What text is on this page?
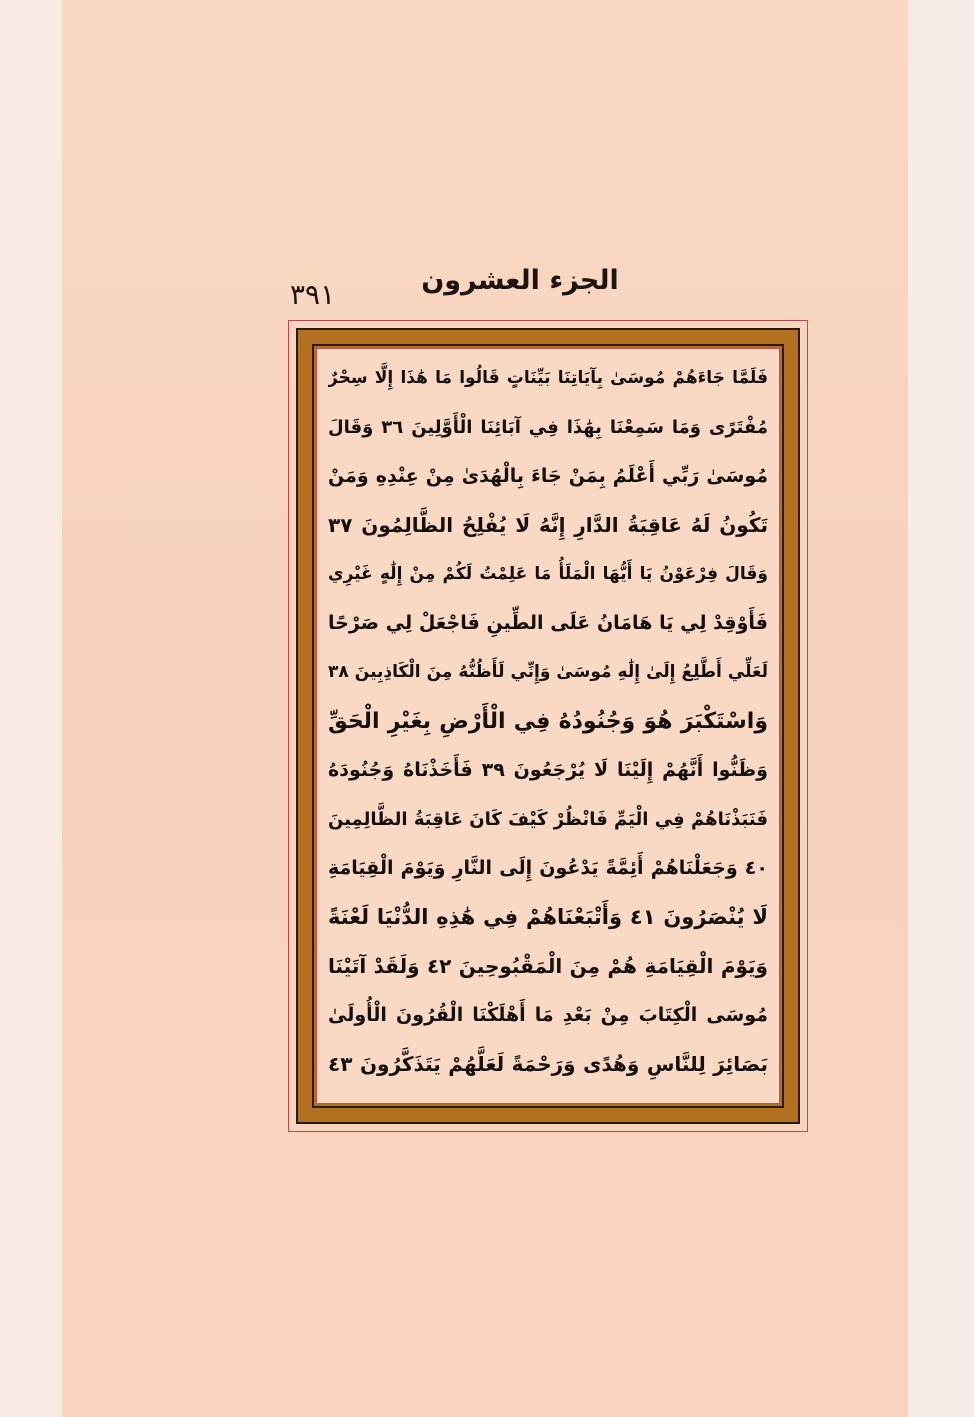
الجزء العشرون
٣٩١
فَلَمَّا جَاءَهُمْ مُوسَىٰ بِآيَاتِنَا بَيِّنَاتٍ قَالُوا مَا هَٰذَا إِلَّا سِحْرٌ
مُفْتَرًى وَمَا سَمِعْنَا بِهَٰذَا فِي آبَائِنَا الْأَوَّلِينَ ٣٦ وَقَالَ
مُوسَىٰ رَبِّي أَعْلَمُ بِمَنْ جَاءَ بِالْهُدَىٰ مِنْ عِنْدِهِ وَمَنْ
تَكُونُ لَهُ عَاقِبَةُ الدَّارِ إِنَّهُ لَا يُفْلِحُ الظَّالِمُونَ ٣٧
وَقَالَ فِرْعَوْنُ يَا أَيُّهَا الْمَلَأُ مَا عَلِمْتُ لَكُمْ مِنْ إِلَٰهٍ غَيْرِي
فَأَوْقِدْ لِي يَا هَامَانُ عَلَى الطِّينِ فَاجْعَلْ لِي صَرْحًا
لَعَلِّي أَطَّلِعُ إِلَىٰ إِلَٰهِ مُوسَىٰ وَإِنِّي لَأَظُنُّهُ مِنَ الْكَاذِبِينَ ٣٨
وَاسْتَكْبَرَ هُوَ وَجُنُودُهُ فِي الْأَرْضِ بِغَيْرِ الْحَقِّ
وَظَنُّوا أَنَّهُمْ إِلَيْنَا لَا يُرْجَعُونَ ٣٩ فَأَخَذْنَاهُ وَجُنُودَهُ
فَنَبَذْنَاهُمْ فِي الْيَمِّ فَانْظُرْ كَيْفَ كَانَ عَاقِبَةُ الظَّالِمِينَ
٤٠ وَجَعَلْنَاهُمْ أَئِمَّةً يَدْعُونَ إِلَى النَّارِ وَيَوْمَ الْقِيَامَةِ
لَا يُنْصَرُونَ ٤١ وَأَتْبَعْنَاهُمْ فِي هَٰذِهِ الدُّنْيَا لَعْنَةً
وَيَوْمَ الْقِيَامَةِ هُمْ مِنَ الْمَقْبُوحِينَ ٤٢ وَلَقَدْ آتَيْنَا
مُوسَى الْكِتَابَ مِنْ بَعْدِ مَا أَهْلَكْنَا الْقُرُونَ الْأُولَىٰ
بَصَائِرَ لِلنَّاسِ وَهُدًى وَرَحْمَةً لَعَلَّهُمْ يَتَذَكَّرُونَ ٤٣
